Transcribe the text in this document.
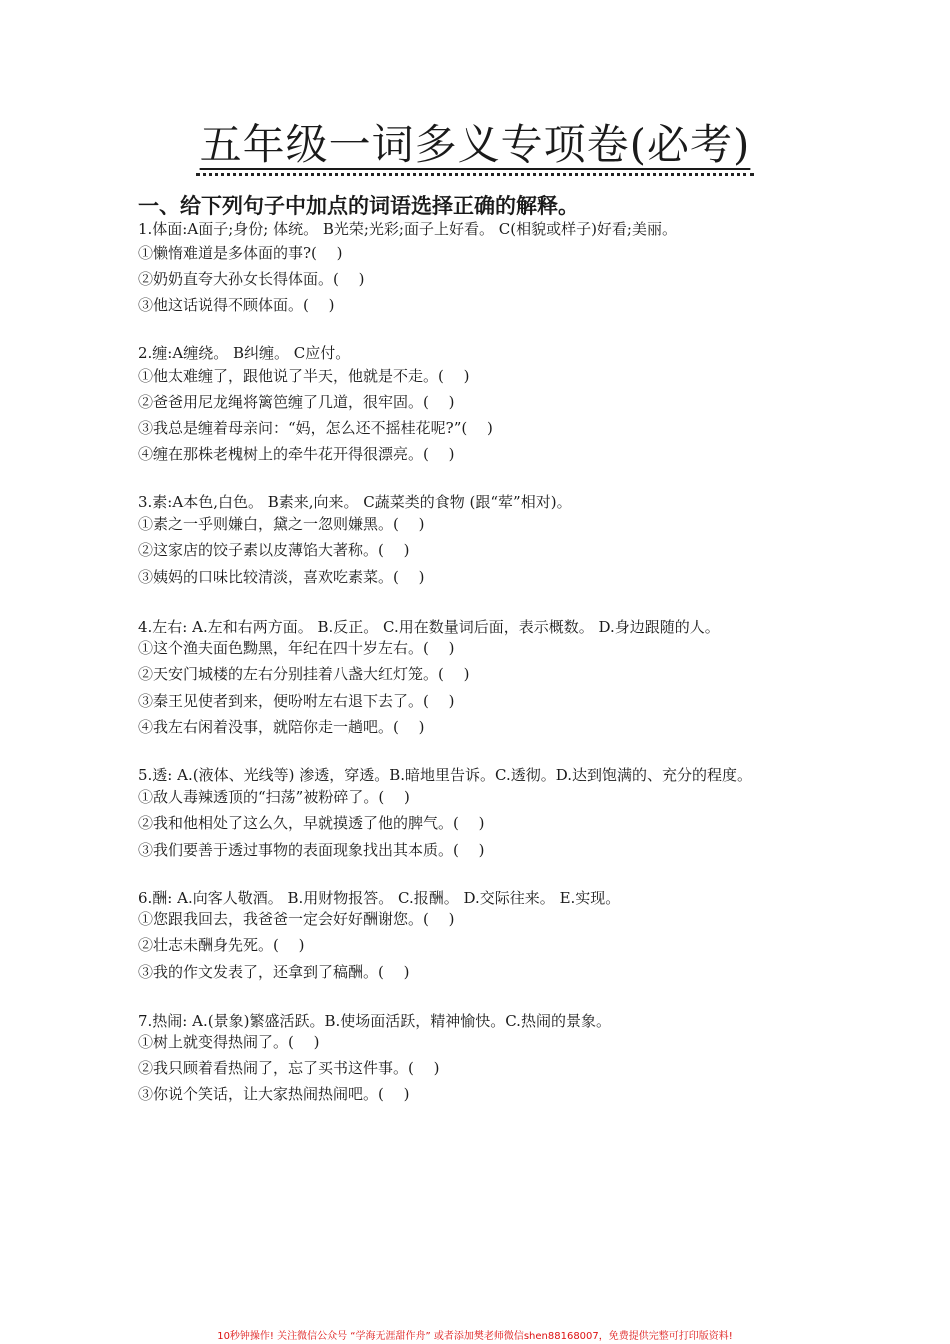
五年级一词多义专项卷(必考)
一、给下列句子中加点的词语选择正确的解释。
1.体面:A面子;身份; 体统。 B光荣;光彩;面子上好看。 C(相貌或样子)好看;美丽。
①懒惰难道是多体面的事?(　 )
②奶奶直夸大孙女长得体面。(　 )
③他这话说得不顾体面。(　 )
2.缠:A缠绕。 B纠缠。 C应付。
①他太难缠了，跟他说了半天，他就是不走。(　 )
②爸爸用尼龙绳将篱笆缠了几道，很牢固。(　 )
③我总是缠着母亲问：“妈，怎么还不摇桂花呢?”(　 )
④缠在那株老槐树上的牵牛花开得很漂亮。(　 )
3.素:A本色,白色。 B素来,向来。 C蔬菜类的食物 (跟“荤”相对)。
①素之一乎则嫌白，黛之一忽则嫌黑。(　 )
②这家店的饺子素以皮薄馅大著称。(　 )
③姨妈的口味比较清淡，喜欢吃素菜。(　 )
4.左右: A.左和右两方面。 B.反正。 C.用在数量词后面，表示概数。 D.身边跟随的人。
①这个渔夫面色黝黑，年纪在四十岁左右。(　 )
②天安门城楼的左右分别挂着八盏大红灯笼。(　 )
③秦王见使者到来，便吩咐左右退下去了。(　 )
④我左右闲着没事，就陪你走一趟吧。(　 )
5.透: A.(液体、光线等) 渗透，穿透。B.暗地里告诉。C.透彻。D.达到饱满的、充分的程度。
①敌人毒辣透顶的“扫荡”被粉碎了。(　 )
②我和他相处了这么久，早就摸透了他的脾气。(　 )
③我们要善于透过事物的表面现象找出其本质。(　 )
6.酬: A.向客人敬酒。 B.用财物报答。 C.报酬。 D.交际往来。 E.实现。
①您跟我回去，我爸爸一定会好好酬谢您。(　 )
②壮志未酬身先死。(　 )
③我的作文发表了，还拿到了稿酬。(　 )
7.热闹: A.(景象)繁盛活跃。B.使场面活跃，精神愉快。C.热闹的景象。
①树上就变得热闹了。(　 )
②我只顾着看热闹了，忘了买书这件事。(　 )
③你说个笑话，让大家热闹热闹吧。(　 )
10秒钟操作! 关注微信公众号 “学海无涯甜作舟” 或者添加樊老师微信shen88168007，免费提供完整可打印版资料!
